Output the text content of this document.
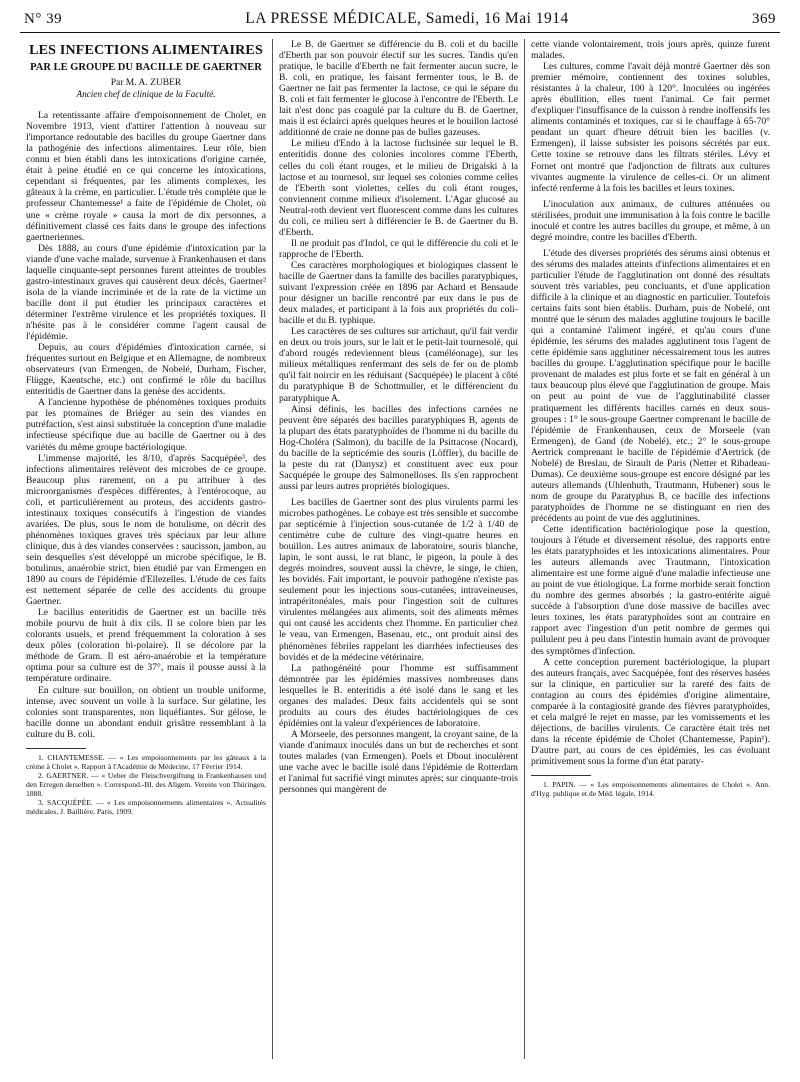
N° 39	LA PRESSE MÉDICALE, Samedi, 16 Mai 1914	369

LES INFECTIONS ALIMENTAIRES

PAR LE GROUPE DU BACILLE DE GAERTNER

Par M. A. ZUBER

Ancien chef de clinique de la Faculté.

La retentissante affaire d'empoisonnement de Cholet, en Novembre 1913, vient d'attirer l'attention à nouveau sur l'importance redoutable des bacilles du groupe Gaertner dans la pathogénie des infections alimentaires. Leur rôle, bien connu et bien établi dans les intoxications d'origine carnée, était à peine étudié en ce qui concerne les intoxications, cependant si fréquentes, par les aliments complexes, les gâteaux à la crème, en particulier. L'étude très complète que le professeur Chantemesse¹ a faite de l'épidémie de Cholet, où une « crème royale » causa la mort de dix personnes, a définitivement classé ces faits dans le groupe des infections gaertneriennes.

Dès 1888, au cours d'une épidémie d'intoxication par la viande d'une vache malade, survenue à Frankenhausen et dans laquelle cinquante-sept personnes furent atteintes de troubles gastro-intestinaux graves qui causèrent deux décès, Gaertner² isola de la viande incriminée et de la rate de la victime un bacille dont il put étudier les principaux caractères et déterminer l'extrême virulence et les propriétés toxiques. Il n'hésite pas à le considérer comme l'agent causal de l'épidémie.

Depuis, au cours d'épidémies d'intoxication carnée, si fréquentes surtout en Belgique et en Allemagne, de nombreux observateurs (van Ermengen, de Nobelé, Durham, Fischer, Flügge, Kaentsche, etc.) ont confirmé le rôle du bacillus enteritidis de Gaertner dans la genèse des accidents.

A l'ancienne hypothèse de phénomènes toxiques produits par les ptomaïnes de Briéger au sein des viandes en putréfaction, s'est ainsi substituée la conception d'une maladie infectieuse spécifique due au bacille de Gaertner ou à des variétés du même groupe bactériologique.

L'immense majorité, les 8/10, d'après Sacquépée³, des infections alimentaires relèvent des microbes de ce groupe. Beaucoup plus rarement, on a pu attribuer à des microorganismes d'espèces différentes, à l'entérocoque, au coli, et particulièrement au proteus, des accidents gastro-intestinaux toxiques consécutifs à l'ingestion de viandes avariées. De plus, sous le nom de botulisme, on décrit des phénomènes toxiques graves très spéciaux par leur allure clinique, dus à des viandes conservées : saucisson, jambon, au sein desquelles s'est développé un microbe spécifique, le B. botulinus, anaérobie strict, bien étudié par van Ermengen en 1890 au cours de l'épidémie d'Ellezelles. L'étude de ces faits est nettement séparée de celle des accidents du groupe Gaertner.

Le bacillus enteritidis de Gaertner est un bacille très mobile pourvu de huit à dix cils. Il se colore bien par les colorants usuels, et prend fréquemment la coloration à ses deux pôles (coloration bi-polaire). Il se décolore par la méthode de Gram. Il est aéro-anaérobie et la température optima pour sa culture est de 37°, mais il pousse aussi à la température ordinaire.

En culture sur bouillon, on obtient un trouble uniforme, intense, avec souvent un voile à la surface. Sur gélatine, les colonies sont transparentes, non liquéfiantes. Sur gélose, le bacille donne un abondant enduit grisâtre ressemblant à la culture du B. coli.

1. CHANTEMESSE. — « Les empoisonnements par les gâteaux à la crème à Cholet ». Rapport à l'Académie de Médecine, 17 Février 1914.

2. GAERTNER. — « Ueber die Fleischvergiftung in Frankenhausen und den Erregen derselben ». Correspond.-Bl. des Allgem. Vereins von Thüringen, 1888.

3. SACQUÉPÉE. — « Les empoisonnements alimentaires ». Actualités médicales, J. Baillière, Paris, 1909.

Le B. de Gaertner se différencie du B. coli et du bacille d'Eberth par son pouvoir électif sur les sucres. Tandis qu'en pratique, le bacille d'Eberth ne fait fermenter aucun sucre, le B. coli, en pratique, les faisant fermenter tous, le B. de Gaertner ne fait pas fermenter la lactose, ce qui le sépare du B. coli et fait fermenter le glucose à l'encontre de l'Eberth. Le lait n'est donc pas coagulé par la culture du B. de Gaertner, mais il est éclairci après quelques heures et le bouillon lactosé additionné de craie ne donne pas de bulles gazeuses.

Le milieu d'Endo à la lactose fuchsinée sur lequel le B. enteritidis donne des colonies incolores comme l'Eberth, celles du coli étant rouges, et le milieu de Drigalski à la lactose et au tournesol, sur lequel ses colonies comme celles de l'Eberth sont violettes, celles du coli étant rouges, conviennent comme milieux d'isolement. L'Agar glucosé au Neutral-roth devient vert fluorescent comme dans les cultures du coli, ce milieu sert à différencier le B. de Gaertner du B. d'Eberth.

Il ne produit pas d'Indol, ce qui le différencie du coli et le rapproche de l'Eberth.

Ces caractères morphologiques et biologiques classent le bacille de Gaertner dans la famille des bacilles paratyphiques, suivant l'expression créée en 1896 par Achard et Bensaude pour désigner un bacille rencontré par eux dans le pus de deux malades, et participant à la fois aux propriétés du coli-bacille et du B. typhique.

Les caractères de ses cultures sur artichaut, qu'il fait verdir en deux ou trois jours, sur le lait et le petit-lait tournesolé, qui d'abord rougés redeviennent bleus (caméléonage), sur les milieux métalliques renfermant des sels de fer ou de plomb qu'il fait noircir en les réduisant (Sacquépée) le placent à côté du paratyphique B de Schottmuller, et le différencient du paratyphique A.

Ainsi définis, les bacilles des infections carnées ne peuvent être séparés des bacilles paratyphiques B, agents de la plupart des états paratyphoïdes de l'homme ni du bacille du Hog-Choléra (Salmon), du bacille de la Psittacose (Nocard), du bacille de la septicémie des souris (Löffler), du bacille de la peste du rat (Danysz) et constituent avec eux pour Sacquépée le groupe des Salmonelloses. Ils s'en rapprochent aussi par leurs autres propriétés biologiques.

Les bacilles de Gaertner sont des plus virulents parmi les microbes pathogènes. Le cobaye est très sensible et succombe par septicémie à l'injection sous-cutanée de 1/2 à 1/40 de centimètre cube de culture des vingt-quatre heures en bouillon. Les autres animaux de laboratoire, souris blanche, lapin, le sont aussi, le rat blanc, le pigeon, la poule à des degrés moindres, souvent aussi la chèvre, le singe, le chien, les bovidés. Fait important, le pouvoir pathogène n'existe pas seulement pour les injections sous-cutanées, intraveineuses, intrapéritonéales, mais pour l'ingestion soit de cultures virulentes mélangées aux aliments, soit des aliments mêmes qui ont causé les accidents chez l'homme. En particulier chez le veau, van Ermengen, Basenau, etc., ont produit ainsi des phénomènes fébriles rappelant les diarrhées infectieuses des bovidés et de la médecine vétérinaire.

La pathogénéité pour l'homme est suffisamment démontrée par les épidémies massives nombreuses dans lesquelles le B. enteritidis a été isolé dans le sang et les organes des malades. Deux faits accidentels qui se sont produits au cours des études bactériologiques de ces épidémies ont la valeur d'expériences de laboratoire.

A Morseele, des personnes mangent, la croyant saine, de la viande d'animaux inoculés dans un but de recherches et sont toutes malades (van Ermengen). Poels et Dbout inoculèrent une vache avec le bacille isolé dans l'épidémie de Rotterdam et l'animal fut sacrifié vingt minutes après; sur cinquante-trois personnes qui mangèrent de

cette viande volontairement, trois jours après, quinze furent malades.

Les cultures, comme l'avait déjà montré Gaertner dès son premier mémoire, contiennent des toxines solubles, résistantes à la chaleur, 100 à 120°. Inoculées ou ingérées après ébullition, elles tuent l'animal. Ce fait permet d'expliquer l'insuffisance de la cuisson à rendre inoffensifs les aliments contaminés et toxiques, car si le chauffage à 65-70° pendant un quart d'heure détruit bien les bacilles (v. Ermengen), il laisse subsister les poisons sécrétés par eux. Cette toxine se retrouve dans les filtrats stériles. Lévy et Fornet ont montré que l'adjonction de filtrats aux cultures vivantes augmente la virulence de celles-ci. Or un aliment infecté renferme à la fois les bacilles et leurs toxines.

L'inoculation aux animaux, de cultures atténuées ou stérilisées, produit une immunisation à la fois contre le bacille inoculé et contre les autres bacilles du groupe, et même, à un degré moindre, contre les bacilles d'Eberth.

L'étude des diverses propriétés des sérums ainsi obtenus et des sérums des malades atteints d'infections alimentaires et en particulier l'étude de l'agglutination ont donné des résultats souvent très variables, peu concluants, et d'une application difficile à la clinique et au diagnostic en particulier. Toutefois certains faits sont bien établis. Durham, puis de Nobelé, ont montré que le sérum des malades agglutine toujours le bacille qui a contaminé l'aliment ingéré, et qu'au cours d'une épidémie, les sérums des malades agglutinent tous l'agent de cette épidémie sans agglutiner nécessairement tous les autres bacilles du groupe. L'agglutination spécifique pour le bacille provenant de malades est plus forte et se fait en général à un taux beaucoup plus élevé que l'agglutination de groupe. Mais on peut au point de vue de l'agglutinabilité classer pratiquement les différents bacilles carnés en deux sous-groupes : 1° le sous-groupe Gaertner comprenant le bacille de l'épidémie de Frankenhausen, ceux de Morseele (van Ermengen), de Gand (de Nobelé), etc.; 2° le sous-groupe Aertrick comprenant le bacille de l'épidémie d'Aertrick (de Nobelé) de Breslau, de Sirault de Paris (Netter et Ribadeau-Dumas). Ce deuxième sous-groupe est encore désigné par les auteurs allemands (Uhlenhuth, Trautmann, Hubener) sous le nom de groupe du Paratyphus B, ce bacille des infections paratyphoïdes de l'homme ne se distinguant en rien des précédents au point de vue des agglutinines.

Cette identification bactériologique pose la question, toujours à l'étude et diversement résolue, des rapports entre les états paratyphoïdes et les intoxications alimentaires. Pour les auteurs allemands avec Trautmann, l'intoxication alimentaire est une forme aiguë d'une maladie infectieuse une au point de vue étiologique. La forme morbide serait fonction du nombre des germes absorbés ; la gastro-entérite aiguë succède à l'absorption d'une dose massive de bacilles avec leurs toxines, les états paratyphoïdes sont au contraire en rapport avec l'ingestion d'un petit nombre de germes qui pullulent peu à peu dans l'intestin humain avant de provoquer des symptômes d'infection.

A cette conception purement bactériologique, la plupart des auteurs français, avec Sacquépée, font des réserves basées sur la clinique, en particulier sur la rareté des faits de contagion au cours des épidémies d'origine alimentaire, comparée à la contagiosité grande des fièvres paratyphoïdes, et cela malgré le rejet en masse, par les vomissements et les déjections, de bacilles virulents. Ce caractère était très net dans la récente épidémie de Cholet (Chantemesse, Papin¹). D'autre part, au cours de ces épidémies, les cas évoluant primitivement sous la forme d'un état paraty-

1. PAPIN. — « Les empoisonnements alimentaires de Cholet ». Ann. d'Hyg. publique et de Méd. légale, 1914.
